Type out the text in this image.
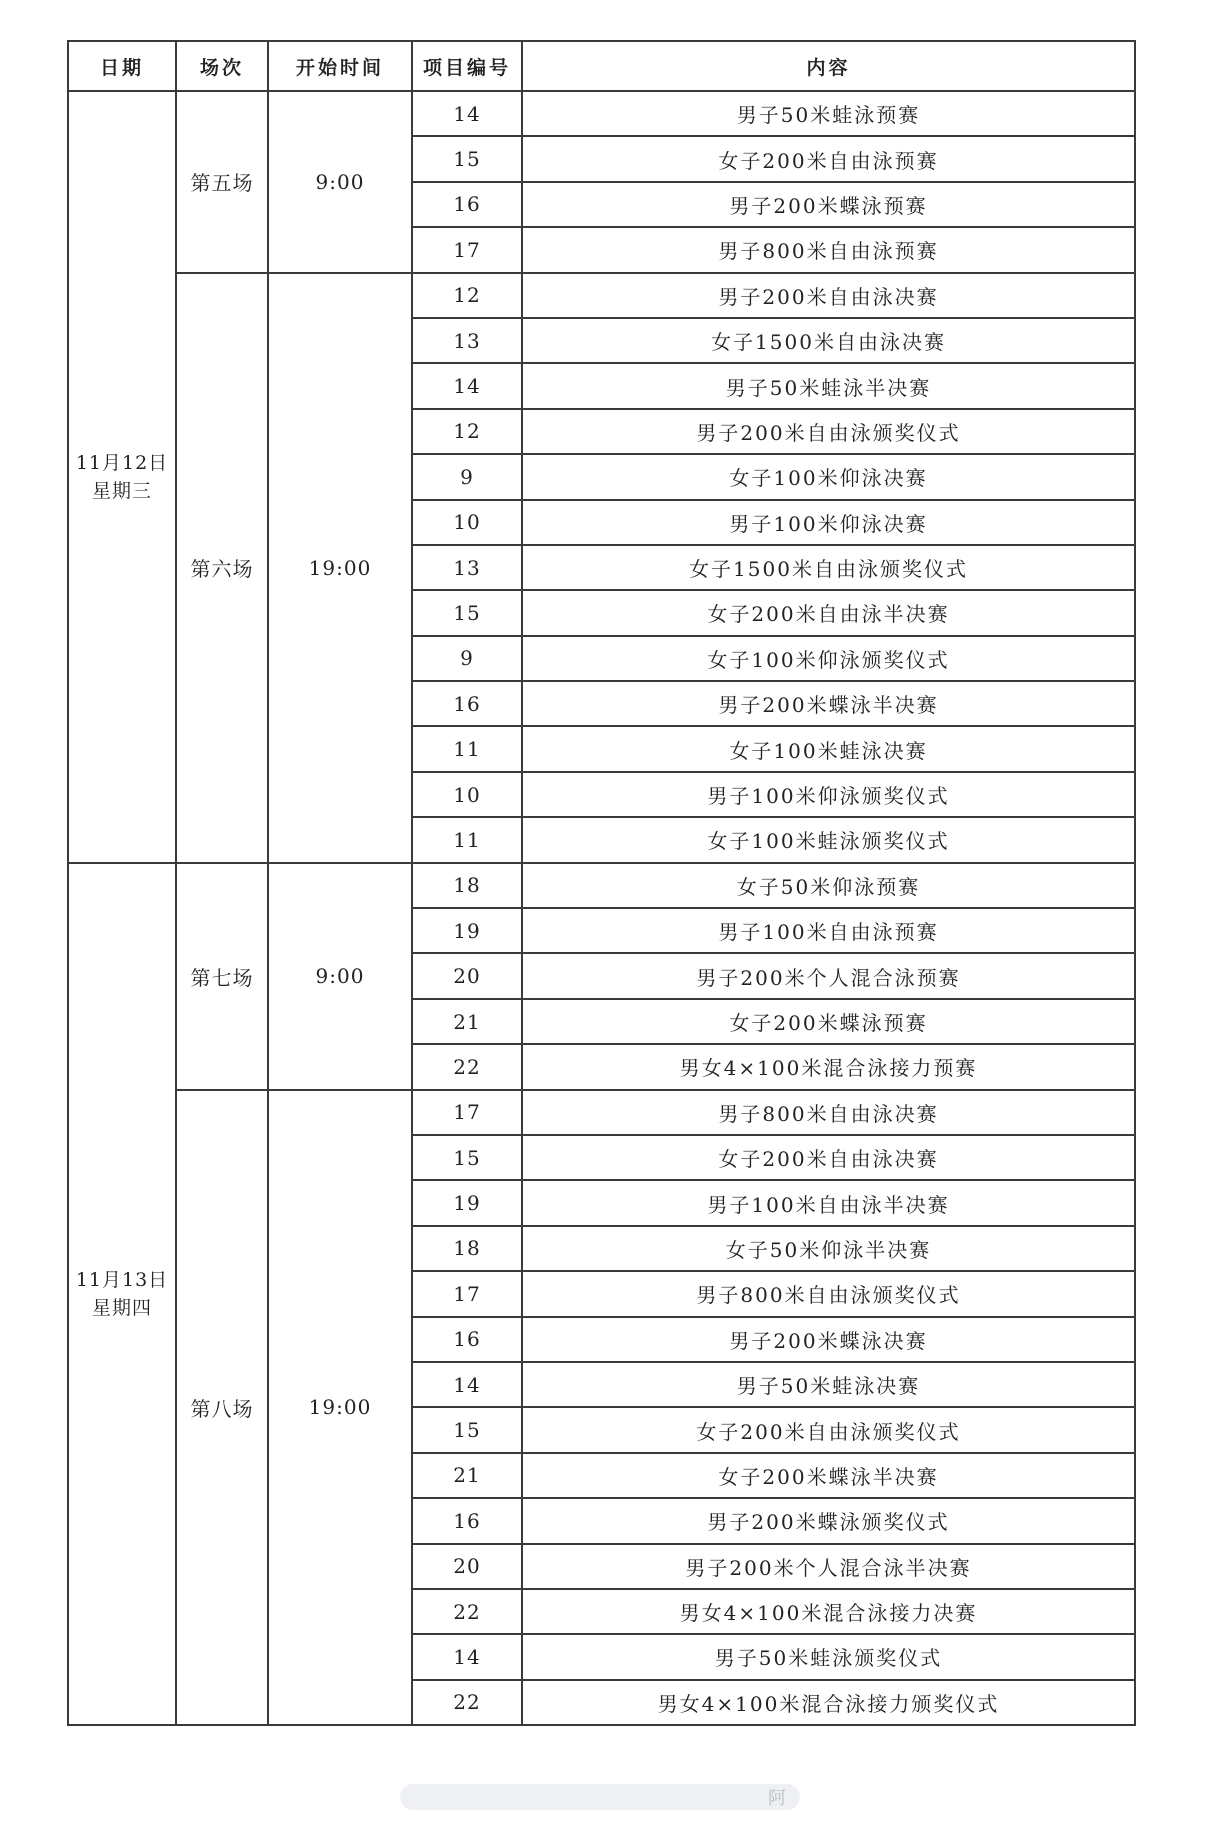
日期	场次	开始时间	项目编号	内容
11月12日
星期三	第五场	9:00	14	男子50米蛙泳预赛
			15	女子200米自由泳预赛
			16	男子200米蝶泳预赛
			17	男子800米自由泳预赛
	第六场	19:00	12	男子200米自由泳决赛
			13	女子1500米自由泳决赛
			14	男子50米蛙泳半决赛
			12	男子200米自由泳颁奖仪式
			9	女子100米仰泳决赛
			10	男子100米仰泳决赛
			13	女子1500米自由泳颁奖仪式
			15	女子200米自由泳半决赛
			9	女子100米仰泳颁奖仪式
			16	男子200米蝶泳半决赛
			11	女子100米蛙泳决赛
			10	男子100米仰泳颁奖仪式
			11	女子100米蛙泳颁奖仪式
11月13日
星期四	第七场	9:00	18	女子50米仰泳预赛
			19	男子100米自由泳预赛
			20	男子200米个人混合泳预赛
			21	女子200米蝶泳预赛
			22	男女4×100米混合泳接力预赛
	第八场	19:00	17	男子800米自由泳决赛
			15	女子200米自由泳决赛
			19	男子100米自由泳半决赛
			18	女子50米仰泳半决赛
			17	男子800米自由泳颁奖仪式
			16	男子200米蝶泳决赛
			14	男子50米蛙泳决赛
			15	女子200米自由泳颁奖仪式
			21	女子200米蝶泳半决赛
			16	男子200米蝶泳颁奖仪式
			20	男子200米个人混合泳半决赛
			22	男女4×100米混合泳接力决赛
			14	男子50米蛙泳颁奖仪式
			22	男女4×100米混合泳接力颁奖仪式
阿
